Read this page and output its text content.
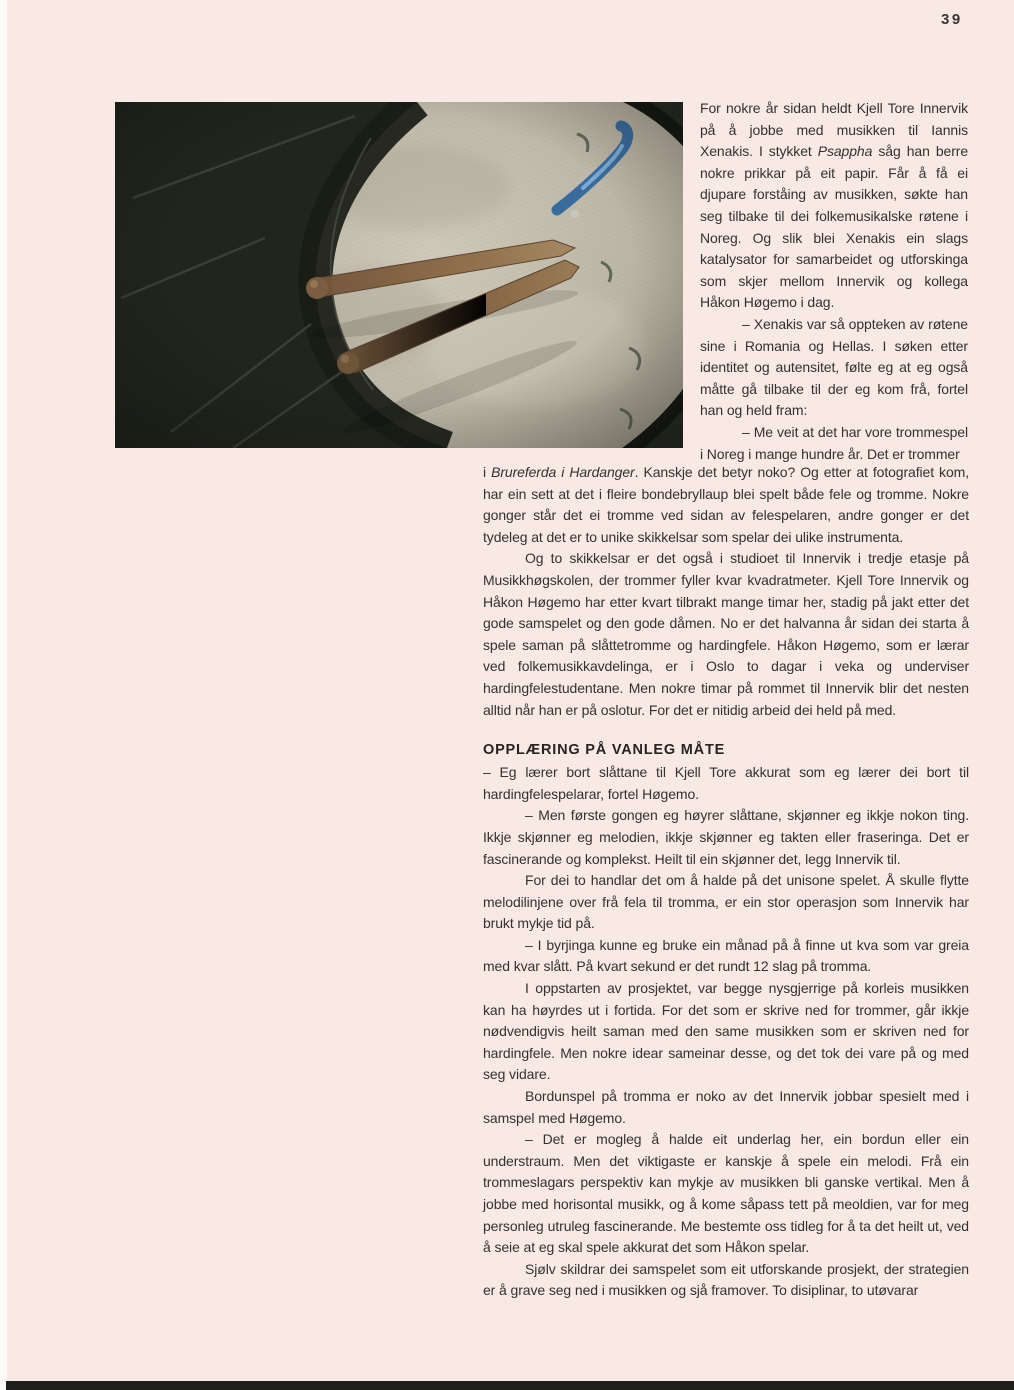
39

For nokre år sidan heldt Kjell Tore Innervik på å jobbe med musikken til Iannis Xenakis. I stykket Psappha såg han berre nokre prikkar på eit papir. Får å få ei djupare forståing av musikken, søkte han seg tilbake til dei folkemusikalske røtene i Noreg. Og slik blei Xenakis ein slags katalysator for samarbeidet og utforskinga som skjer mellom Innervik og kollega Håkon Høgemo i dag.

– Xenakis var så oppteken av røtene sine i Romania og Hellas. I søken etter identitet og autensitet, følte eg at eg også måtte gå tilbake til der eg kom frå, fortel han og held fram:

– Me veit at det har vore trommespel i Noreg i mange hundre år. Det er trommer

i Brureferda i Hardanger. Kanskje det betyr noko? Og etter at fotografiet kom, har ein sett at det i fleire bondebryllaup blei spelt både fele og tromme. Nokre gonger står det ei tromme ved sidan av felespelaren, andre gonger er det tydeleg at det er to unike skikkelsar som spelar dei ulike instrumenta.

Og to skikkelsar er det også i studioet til Innervik i tredje etasje på Musikkhøgskolen, der trommer fyller kvar kvadratmeter. Kjell Tore Innervik og Håkon Høgemo har etter kvart tilbrakt mange timar her, stadig på jakt etter det gode samspelet og den gode dåmen. No er det halvanna år sidan dei starta å spele saman på slåttetromme og hardingfele. Håkon Høgemo, som er lærar ved folkemusikkavdelinga, er i Oslo to dagar i veka og underviser hardingfelestudentane. Men nokre timar på rommet til Innervik blir det nesten alltid når han er på oslotur. For det er nitidig arbeid dei held på med.

OPPLÆRING PÅ VANLEG MÅTE

– Eg lærer bort slåttane til Kjell Tore akkurat som eg lærer dei bort til hardingfelespelarar, fortel Høgemo.

– Men første gongen eg høyrer slåttane, skjønner eg ikkje nokon ting. Ikkje skjønner eg melodien, ikkje skjønner eg takten eller fraseringa. Det er fascinerande og komplekst. Heilt til ein skjønner det, legg Innervik til.

For dei to handlar det om å halde på det unisone spelet. Å skulle flytte melodilinjene over frå fela til tromma, er ein stor operasjon som Innervik har brukt mykje tid på.

– I byrjinga kunne eg bruke ein månad på å finne ut kva som var greia med kvar slått. På kvart sekund er det rundt 12 slag på tromma.

I oppstarten av prosjektet, var begge nysgjerrige på korleis musikken kan ha høyrdes ut i fortida. For det som er skrive ned for trommer, går ikkje nødvendigvis heilt saman med den same musikken som er skriven ned for hardingfele. Men nokre idear sameinar desse, og det tok dei vare på og med seg vidare.

Bordunspel på tromma er noko av det Innervik jobbar spesielt med i samspel med Høgemo.

– Det er mogleg å halde eit underlag her, ein bordun eller ein understraum. Men det viktigaste er kanskje å spele ein melodi. Frå ein trommeslagars perspektiv kan mykje av musikken bli ganske vertikal. Men å jobbe med horisontal musikk, og å kome såpass tett på meoldien, var for meg personleg utruleg fascinerande. Me bestemte oss tidleg for å ta det heilt ut, ved å seie at eg skal spele akkurat det som Håkon spelar.

Sjølv skildrar dei samspelet som eit utforskande prosjekt, der strategien er å grave seg ned i musikken og sjå framover. To disiplinar, to utøvarar
